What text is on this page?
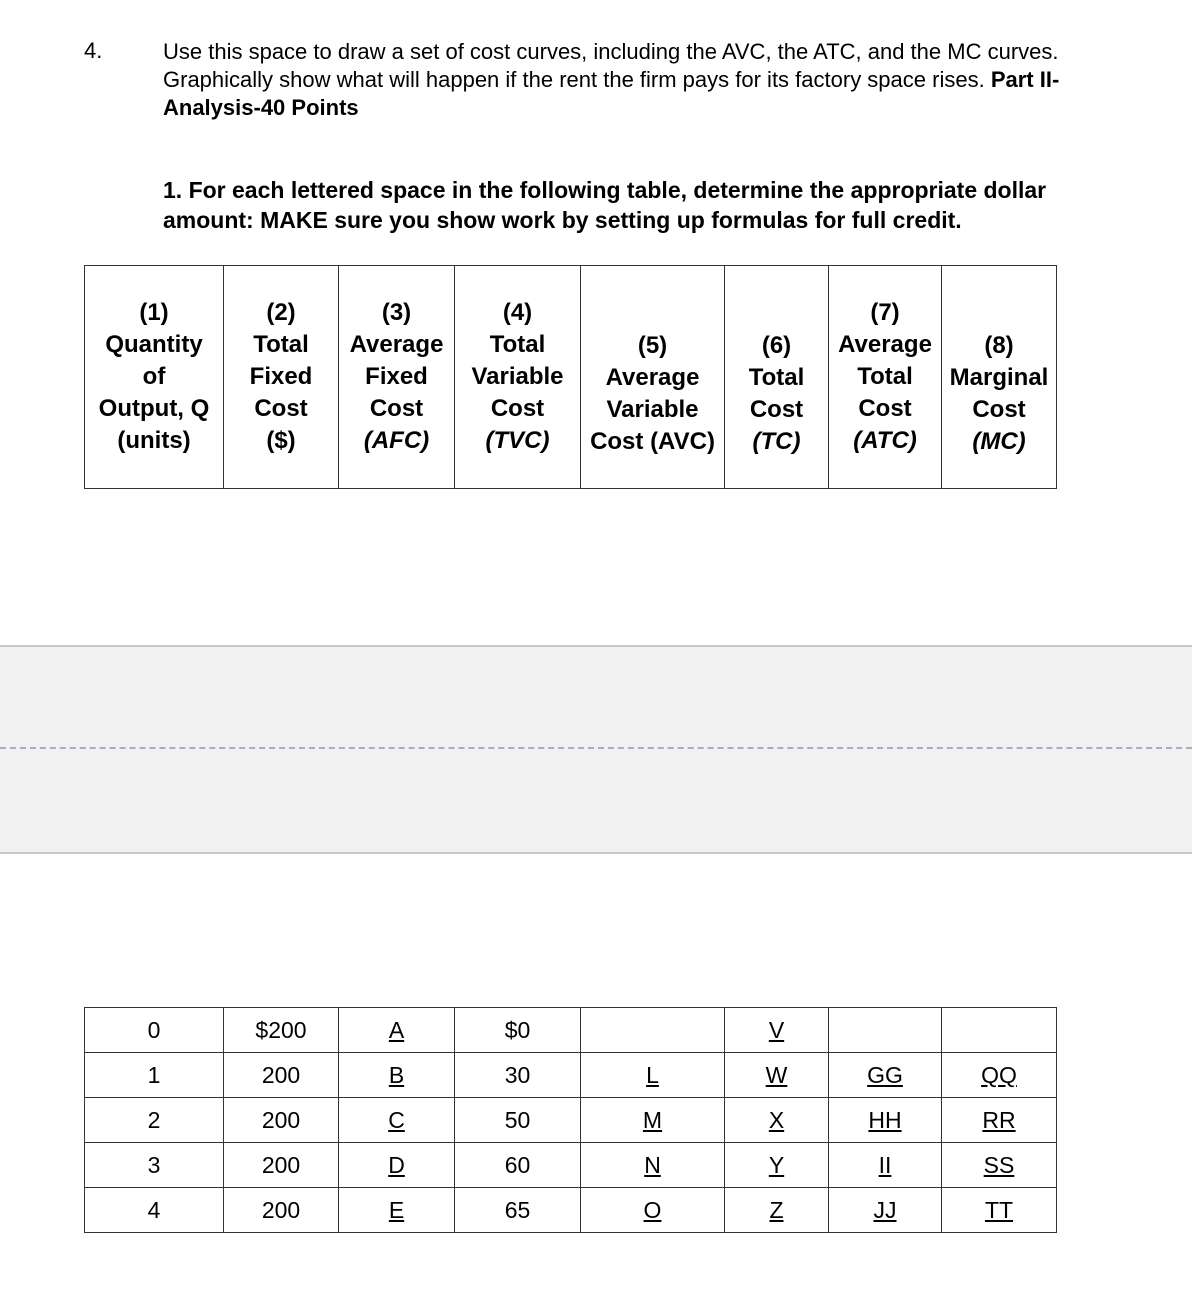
4.	Use this space to draw a set of cost curves, including the AVC, the ATC, and the MC curves. Graphically show what will happen if the rent the firm pays for its factory space rises. Part II- Analysis-40 Points
1. For each lettered space in the following table, determine the appropriate dollar amount: MAKE sure you show work by setting up formulas for full credit.
(1)
Quantity
of
Output, Q
(units)

(2)
Total
Fixed
Cost
($)

(3)
Average
Fixed
Cost
(AFC)

(4)
Total
Variable
Cost
(TVC)

(5)
Average
Variable
Cost (AVC)

(6)
Total
Cost
(TC)

(7)
Average
Total
Cost
(ATC)

(8)
Marginal
Cost
(MC)
0	$200	A	$0		V		
1	200	B	30	L	W	GG	QQ
2	200	C	50	M	X	HH	RR
3	200	D	60	N	Y	II	SS
4	200	E	65	O	Z	JJ	TT
